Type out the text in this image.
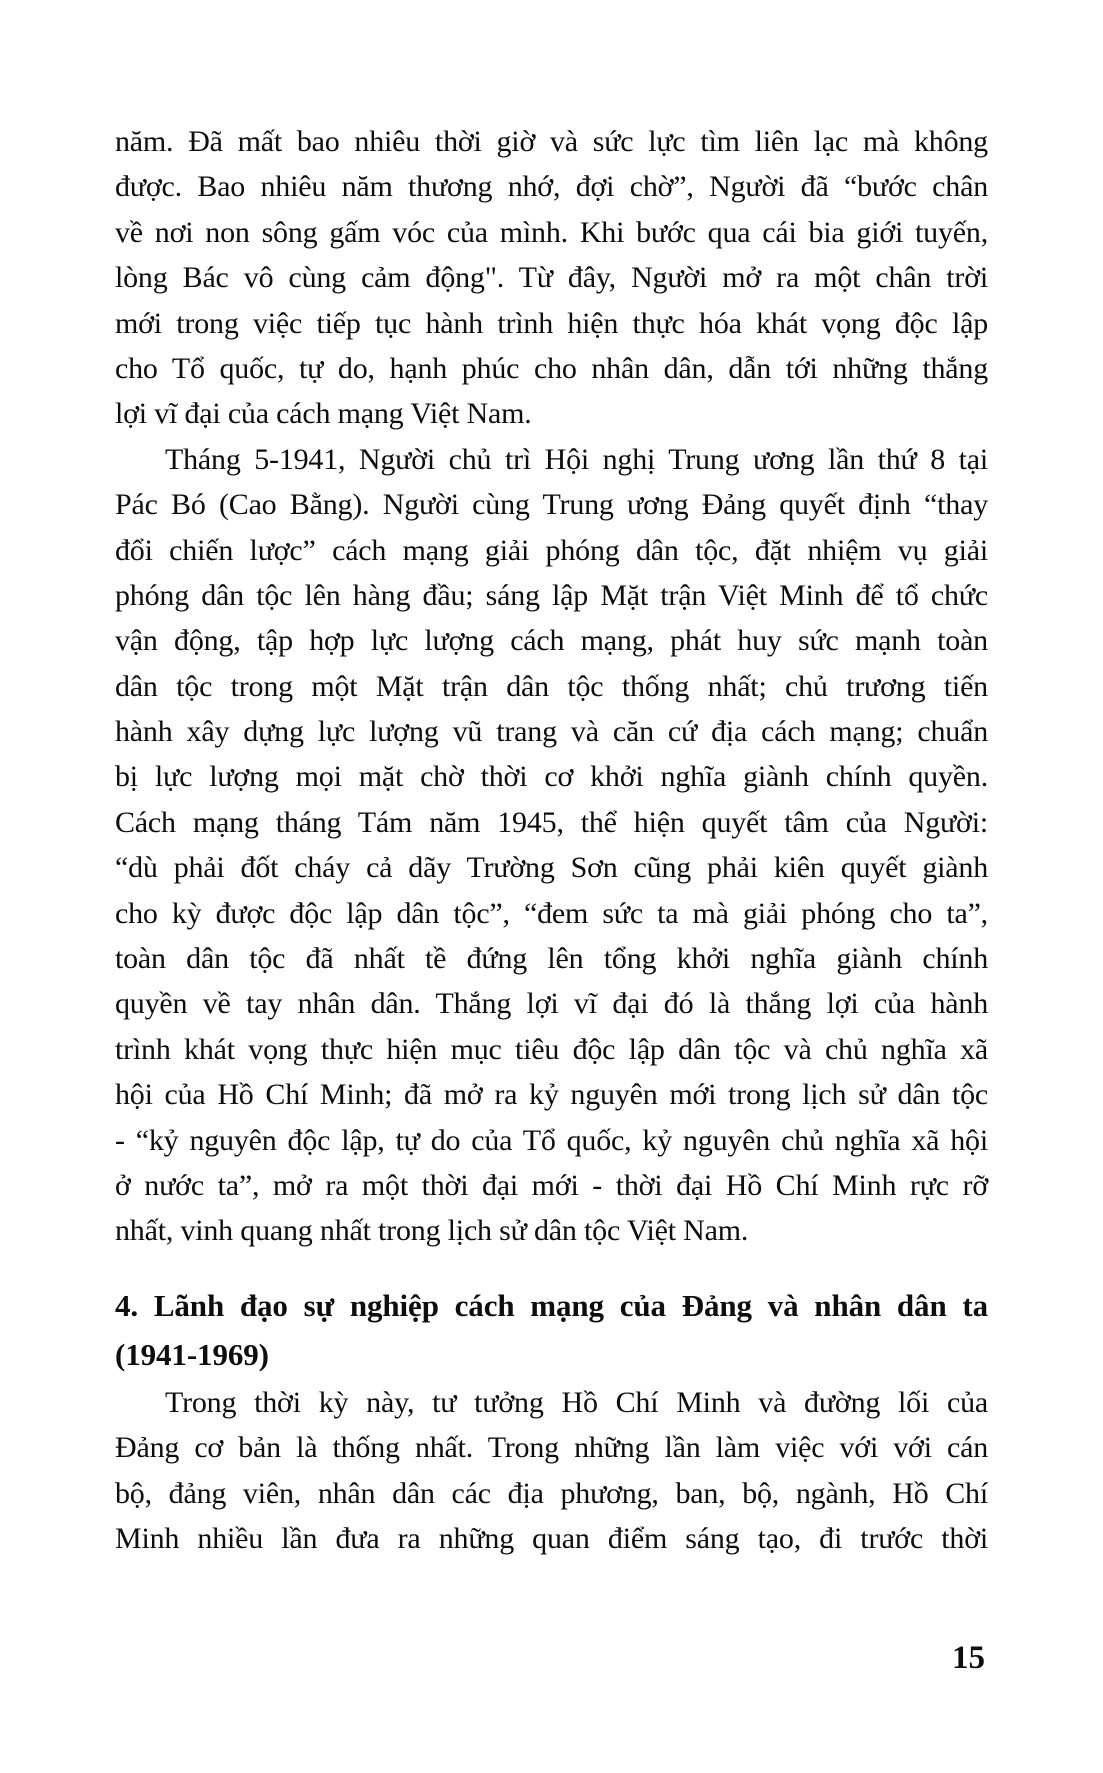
năm. Đã mất bao nhiêu thời giờ và sức lực tìm liên lạc mà không
được. Bao nhiêu năm thương nhớ, đợi chờ”, Người đã “bước chân
về nơi non sông gấm vóc của mình. Khi bước qua cái bia giới tuyến,
lòng Bác vô cùng cảm động". Từ đây, Người mở ra một chân trời
mới trong việc tiếp tục hành trình hiện thực hóa khát vọng độc lập
cho Tổ quốc, tự do, hạnh phúc cho nhân dân, dẫn tới những thắng
lợi vĩ đại của cách mạng Việt Nam.
Tháng 5-1941, Người chủ trì Hội nghị Trung ương lần thứ 8 tại
Pác Bó (Cao Bằng). Người cùng Trung ương Đảng quyết định “thay
đổi chiến lược” cách mạng giải phóng dân tộc, đặt nhiệm vụ giải
phóng dân tộc lên hàng đầu; sáng lập Mặt trận Việt Minh để tổ chức
vận động, tập hợp lực lượng cách mạng, phát huy sức mạnh toàn
dân tộc trong một Mặt trận dân tộc thống nhất; chủ trương tiến
hành xây dựng lực lượng vũ trang và căn cứ địa cách mạng; chuẩn
bị lực lượng mọi mặt chờ thời cơ khởi nghĩa giành chính quyền.
Cách mạng tháng Tám năm 1945, thể hiện quyết tâm của Người:
“dù phải đốt cháy cả dãy Trường Sơn cũng phải kiên quyết giành
cho kỳ được độc lập dân tộc”, “đem sức ta mà giải phóng cho ta”,
toàn dân tộc đã nhất tề đứng lên tổng khởi nghĩa giành chính
quyền về tay nhân dân. Thắng lợi vĩ đại đó là thắng lợi của hành
trình khát vọng thực hiện mục tiêu độc lập dân tộc và chủ nghĩa xã
hội của Hồ Chí Minh; đã mở ra kỷ nguyên mới trong lịch sử dân tộc
- “kỷ nguyên độc lập, tự do của Tổ quốc, kỷ nguyên chủ nghĩa xã hội
ở nước ta”, mở ra một thời đại mới - thời đại Hồ Chí Minh rực rỡ
nhất, vinh quang nhất trong lịch sử dân tộc Việt Nam.
4. Lãnh đạo sự nghiệp cách mạng của Đảng và nhân dân ta
(1941-1969)
Trong thời kỳ này, tư tưởng Hồ Chí Minh và đường lối của
Đảng cơ bản là thống nhất. Trong những lần làm việc với với cán
bộ, đảng viên, nhân dân các địa phương, ban, bộ, ngành, Hồ Chí
Minh nhiều lần đưa ra những quan điểm sáng tạo, đi trước thời
15
